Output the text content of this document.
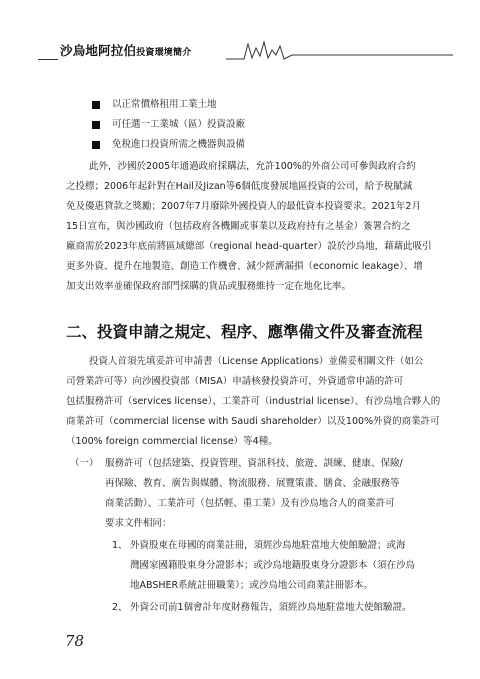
沙烏地阿拉伯投資環境簡介
以正常價格租用工業土地
可任選一工業城（區）投資設廠
免稅進口投資所需之機器與設備
此外，沙國於2005年通過政府採購法，允許100%的外商公司可參與政府合約
之投標；2006年起針對在Hail及Jizan等6個低度發展地區投資的公司，給予稅賦減
免及優惠貸款之獎勵；2007年7月廢除外國投資人的最低資本投資要求。2021年2月
15日宣布，與沙國政府（包括政府各機關或事業以及政府持有之基金）簽署合約之
廠商需於2023年底前將區域總部（regional head-quarter）設於沙烏地，藉藉此吸引
更多外資、提升在地製造、創造工作機會、減少經濟漏損（economic leakage）、增
加支出效率並確保政府部門採購的貨品或服務維持一定在地化比率。
二、投資申請之規定、程序、應準備文件及審查流程
投資人首須先填妥許可申請書（License Applications）並備妥相關文件（如公
司營業許可等）向沙國投資部（MISA）申請核發投資許可，外資通常申請的許可
包括服務許可（services license）、工業許可（industrial license）、有沙烏地合夥人的
商業許可（commercial license with Saudi shareholder）以及100%外資的商業許可
（100% foreign commercial license）等4種。
（一） 服務許可（包括建築、投資管理、資訊科技、旅遊、訓練、健康、保險/
再保險、教育、廣告與媒體、物流服務、展覽策畫、膳食、金融服務等
商業活動）、工業許可（包括輕、重工業）及有沙烏地合人的商業許可
要求文件相同：
1、 外資股東在母國的商業註冊，須經沙烏地駐當地大使館驗證；或海
灣國家國籍股東身分證影本；或沙烏地籍股東身分證影本（須在沙烏
地ABSHER系統註冊職業）；或沙烏地公司商業註冊影本。
2、 外資公司前1個會計年度財務報告，須經沙烏地駐當地大使館驗證。
78
